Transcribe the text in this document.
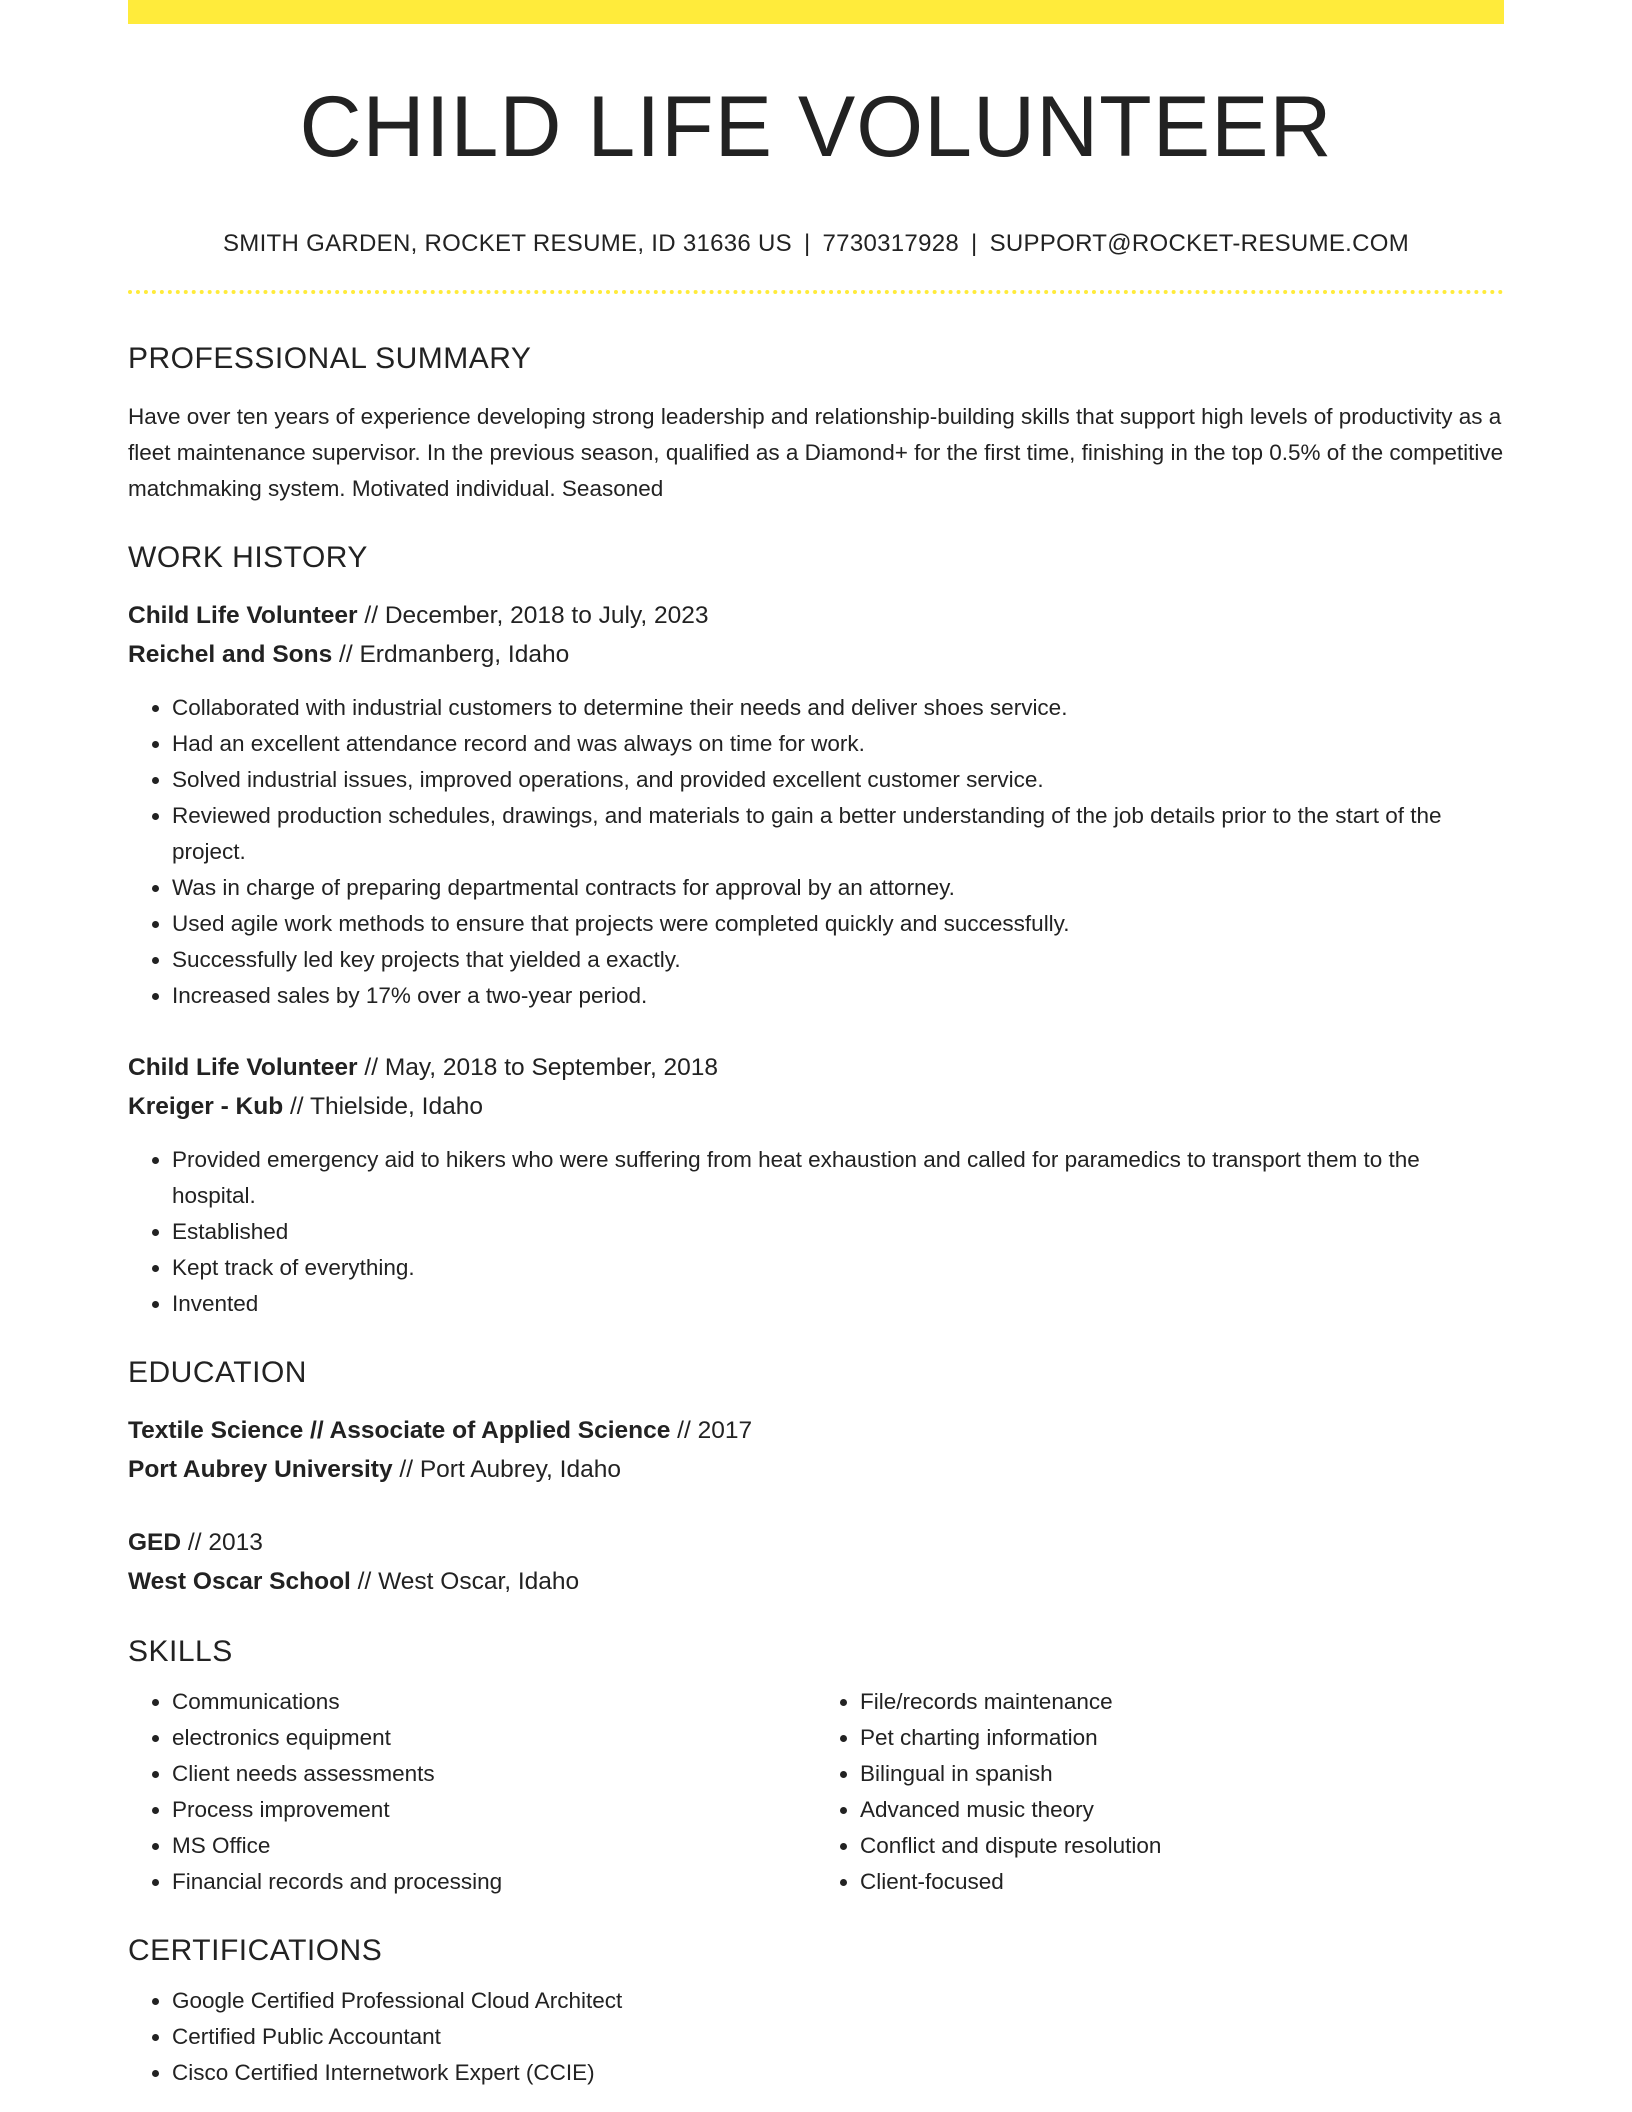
CHILD LIFE VOLUNTEER
SMITH GARDEN, ROCKET RESUME, ID 31636 US | 7730317928 | SUPPORT@ROCKET-RESUME.COM
PROFESSIONAL SUMMARY

Have over ten years of experience developing strong leadership and relationship-building skills that support high levels of productivity as a fleet maintenance supervisor. In the previous season, qualified as a Diamond+ for the first time, finishing in the top 0.5% of the competitive matchmaking system. Motivated individual. Seasoned

WORK HISTORY
Child Life Volunteer // December, 2018 to July, 2023
Reichel and Sons // Erdmanberg, Idaho
• Collaborated with industrial customers to determine their needs and deliver shoes service.
• Had an excellent attendance record and was always on time for work.
• Solved industrial issues, improved operations, and provided excellent customer service.
• Reviewed production schedules, drawings, and materials to gain a better understanding of the job details prior to the start of the project.
• Was in charge of preparing departmental contracts for approval by an attorney.
• Used agile work methods to ensure that projects were completed quickly and successfully.
• Successfully led key projects that yielded a exactly.
• Increased sales by 17% over a two-year period.
Child Life Volunteer // May, 2018 to September, 2018
Kreiger - Kub // Thielside, Idaho
• Provided emergency aid to hikers who were suffering from heat exhaustion and called for paramedics to transport them to the hospital.
• Established
• Kept track of everything.
• Invented
EDUCATION
Textile Science // Associate of Applied Science // 2017
Port Aubrey University // Port Aubrey, Idaho
GED // 2013
West Oscar School // West Oscar, Idaho
SKILLS
• Communications
• electronics equipment
• Client needs assessments
• Process improvement
• MS Office
• Financial records and processing
• File/records maintenance
• Pet charting information
• Bilingual in spanish
• Advanced music theory
• Conflict and dispute resolution
• Client-focused
CERTIFICATIONS
• Google Certified Professional Cloud Architect
• Certified Public Accountant
• Cisco Certified Internetwork Expert (CCIE)
